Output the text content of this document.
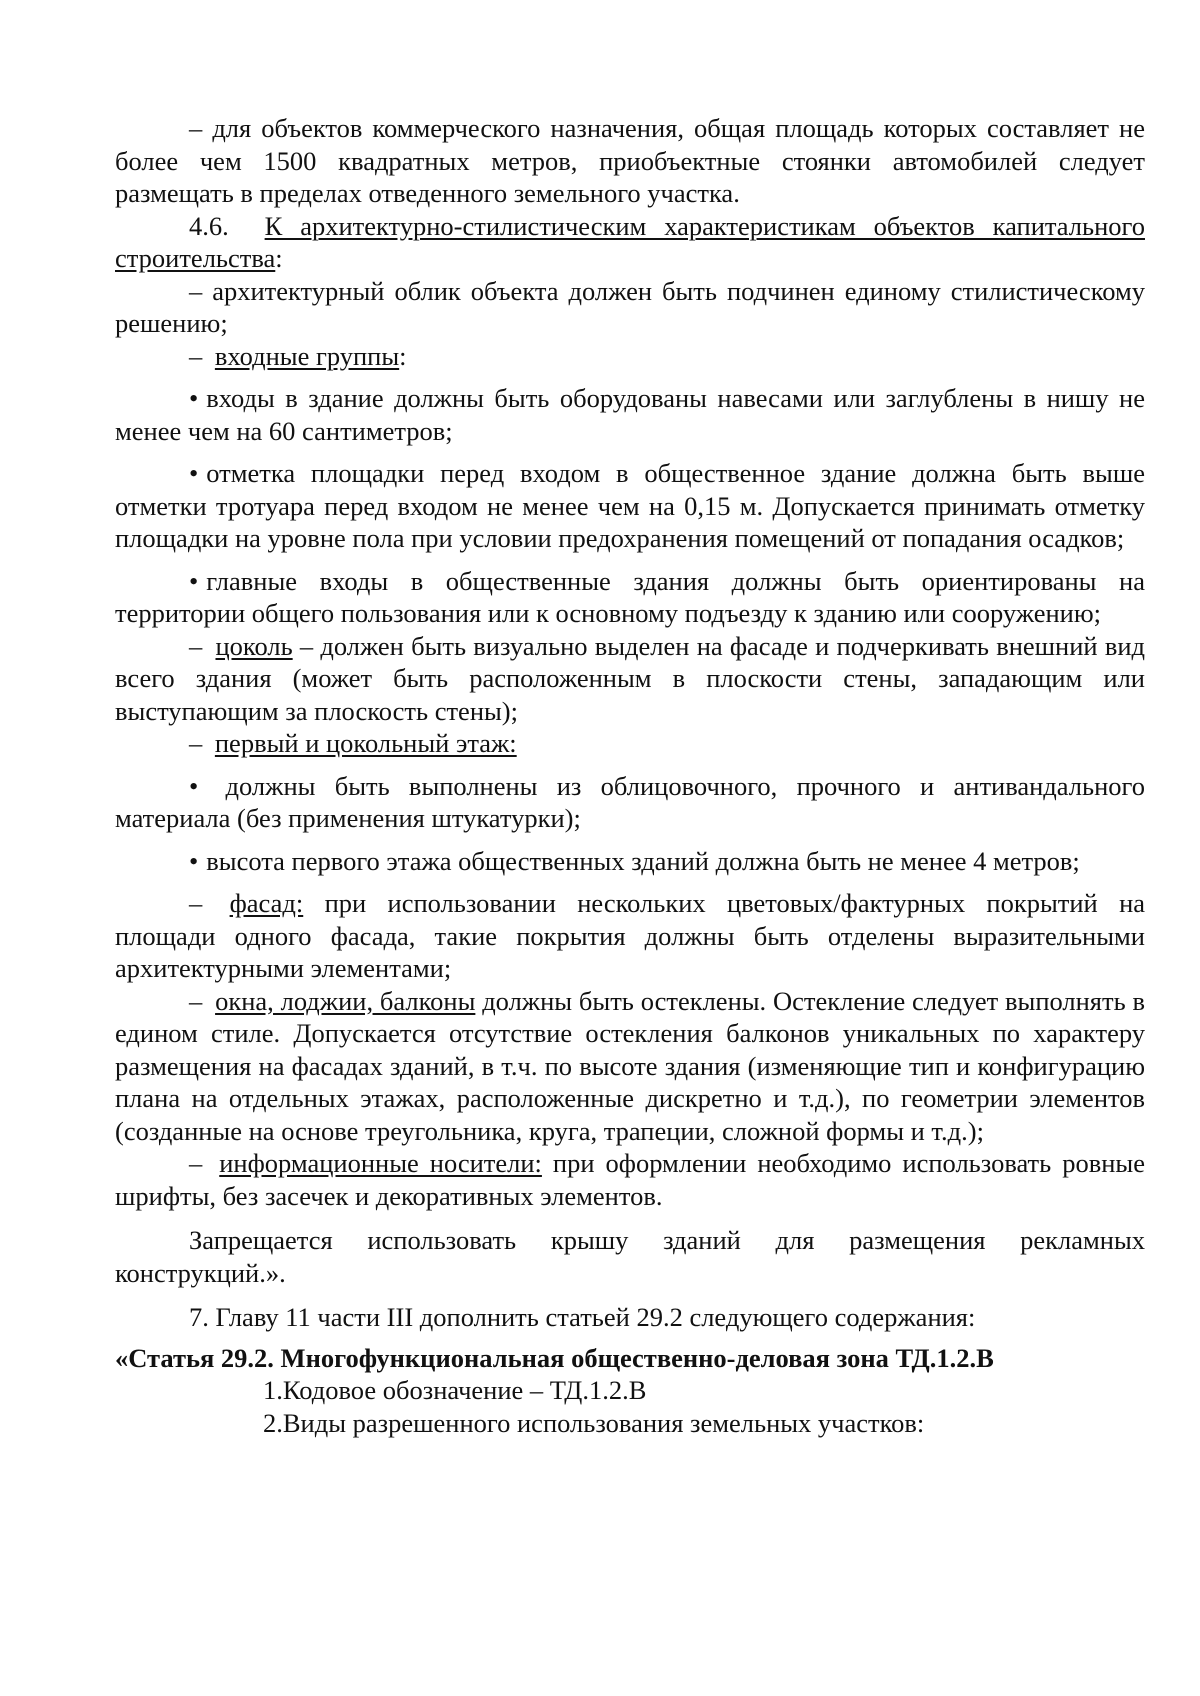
– для объектов коммерческого назначения, общая площадь которых составляет не более чем 1500 квадратных метров, приобъектные стоянки автомобилей следует размещать в пределах отведенного земельного участка.

4.6. К архитектурно-стилистическим характеристикам объектов капитального строительства:

– архитектурный облик объекта должен быть подчинен единому стилистическому решению;

– входные группы:

• входы в здание должны быть оборудованы навесами или заглублены в нишу не менее чем на 60 сантиметров;

• отметка площадки перед входом в общественное здание должна быть выше отметки тротуара перед входом не менее чем на 0,15 м. Допускается принимать отметку площадки на уровне пола при условии предохранения помещений от попадания осадков;

• главные входы в общественные здания должны быть ориентированы на территории общего пользования или к основному подъезду к зданию или сооружению;

– цоколь – должен быть визуально выделен на фасаде и подчеркивать внешний вид всего здания (может быть расположенным в плоскости стены, западающим или выступающим за плоскость стены);

– первый и цокольный этаж:

• должны быть выполнены из облицовочного, прочного и антивандального материала (без применения штукатурки);

• высота первого этажа общественных зданий должна быть не менее 4 метров;

– фасад: при использовании нескольких цветовых/фактурных покрытий на площади одного фасада, такие покрытия должны быть отделены выразительными архитектурными элементами;

– окна, лоджии, балконы должны быть остеклены. Остекление следует выполнять в едином стиле. Допускается отсутствие остекления балконов уникальных по характеру размещения на фасадах зданий, в т.ч. по высоте здания (изменяющие тип и конфигурацию плана на отдельных этажах, расположенные дискретно и т.д.), по геометрии элементов (созданные на основе треугольника, круга, трапеции, сложной формы и т.д.);

– информационные носители: при оформлении необходимо использовать ровные шрифты, без засечек и декоративных элементов.

Запрещается использовать крышу зданий для размещения рекламных конструкций.».

7. Главу 11 части III дополнить статьей 29.2 следующего содержания:

«Статья 29.2. Многофункциональная общественно-деловая зона ТД.1.2.В

1.Кодовое обозначение – ТД.1.2.В

2.Виды разрешенного использования земельных участков:
